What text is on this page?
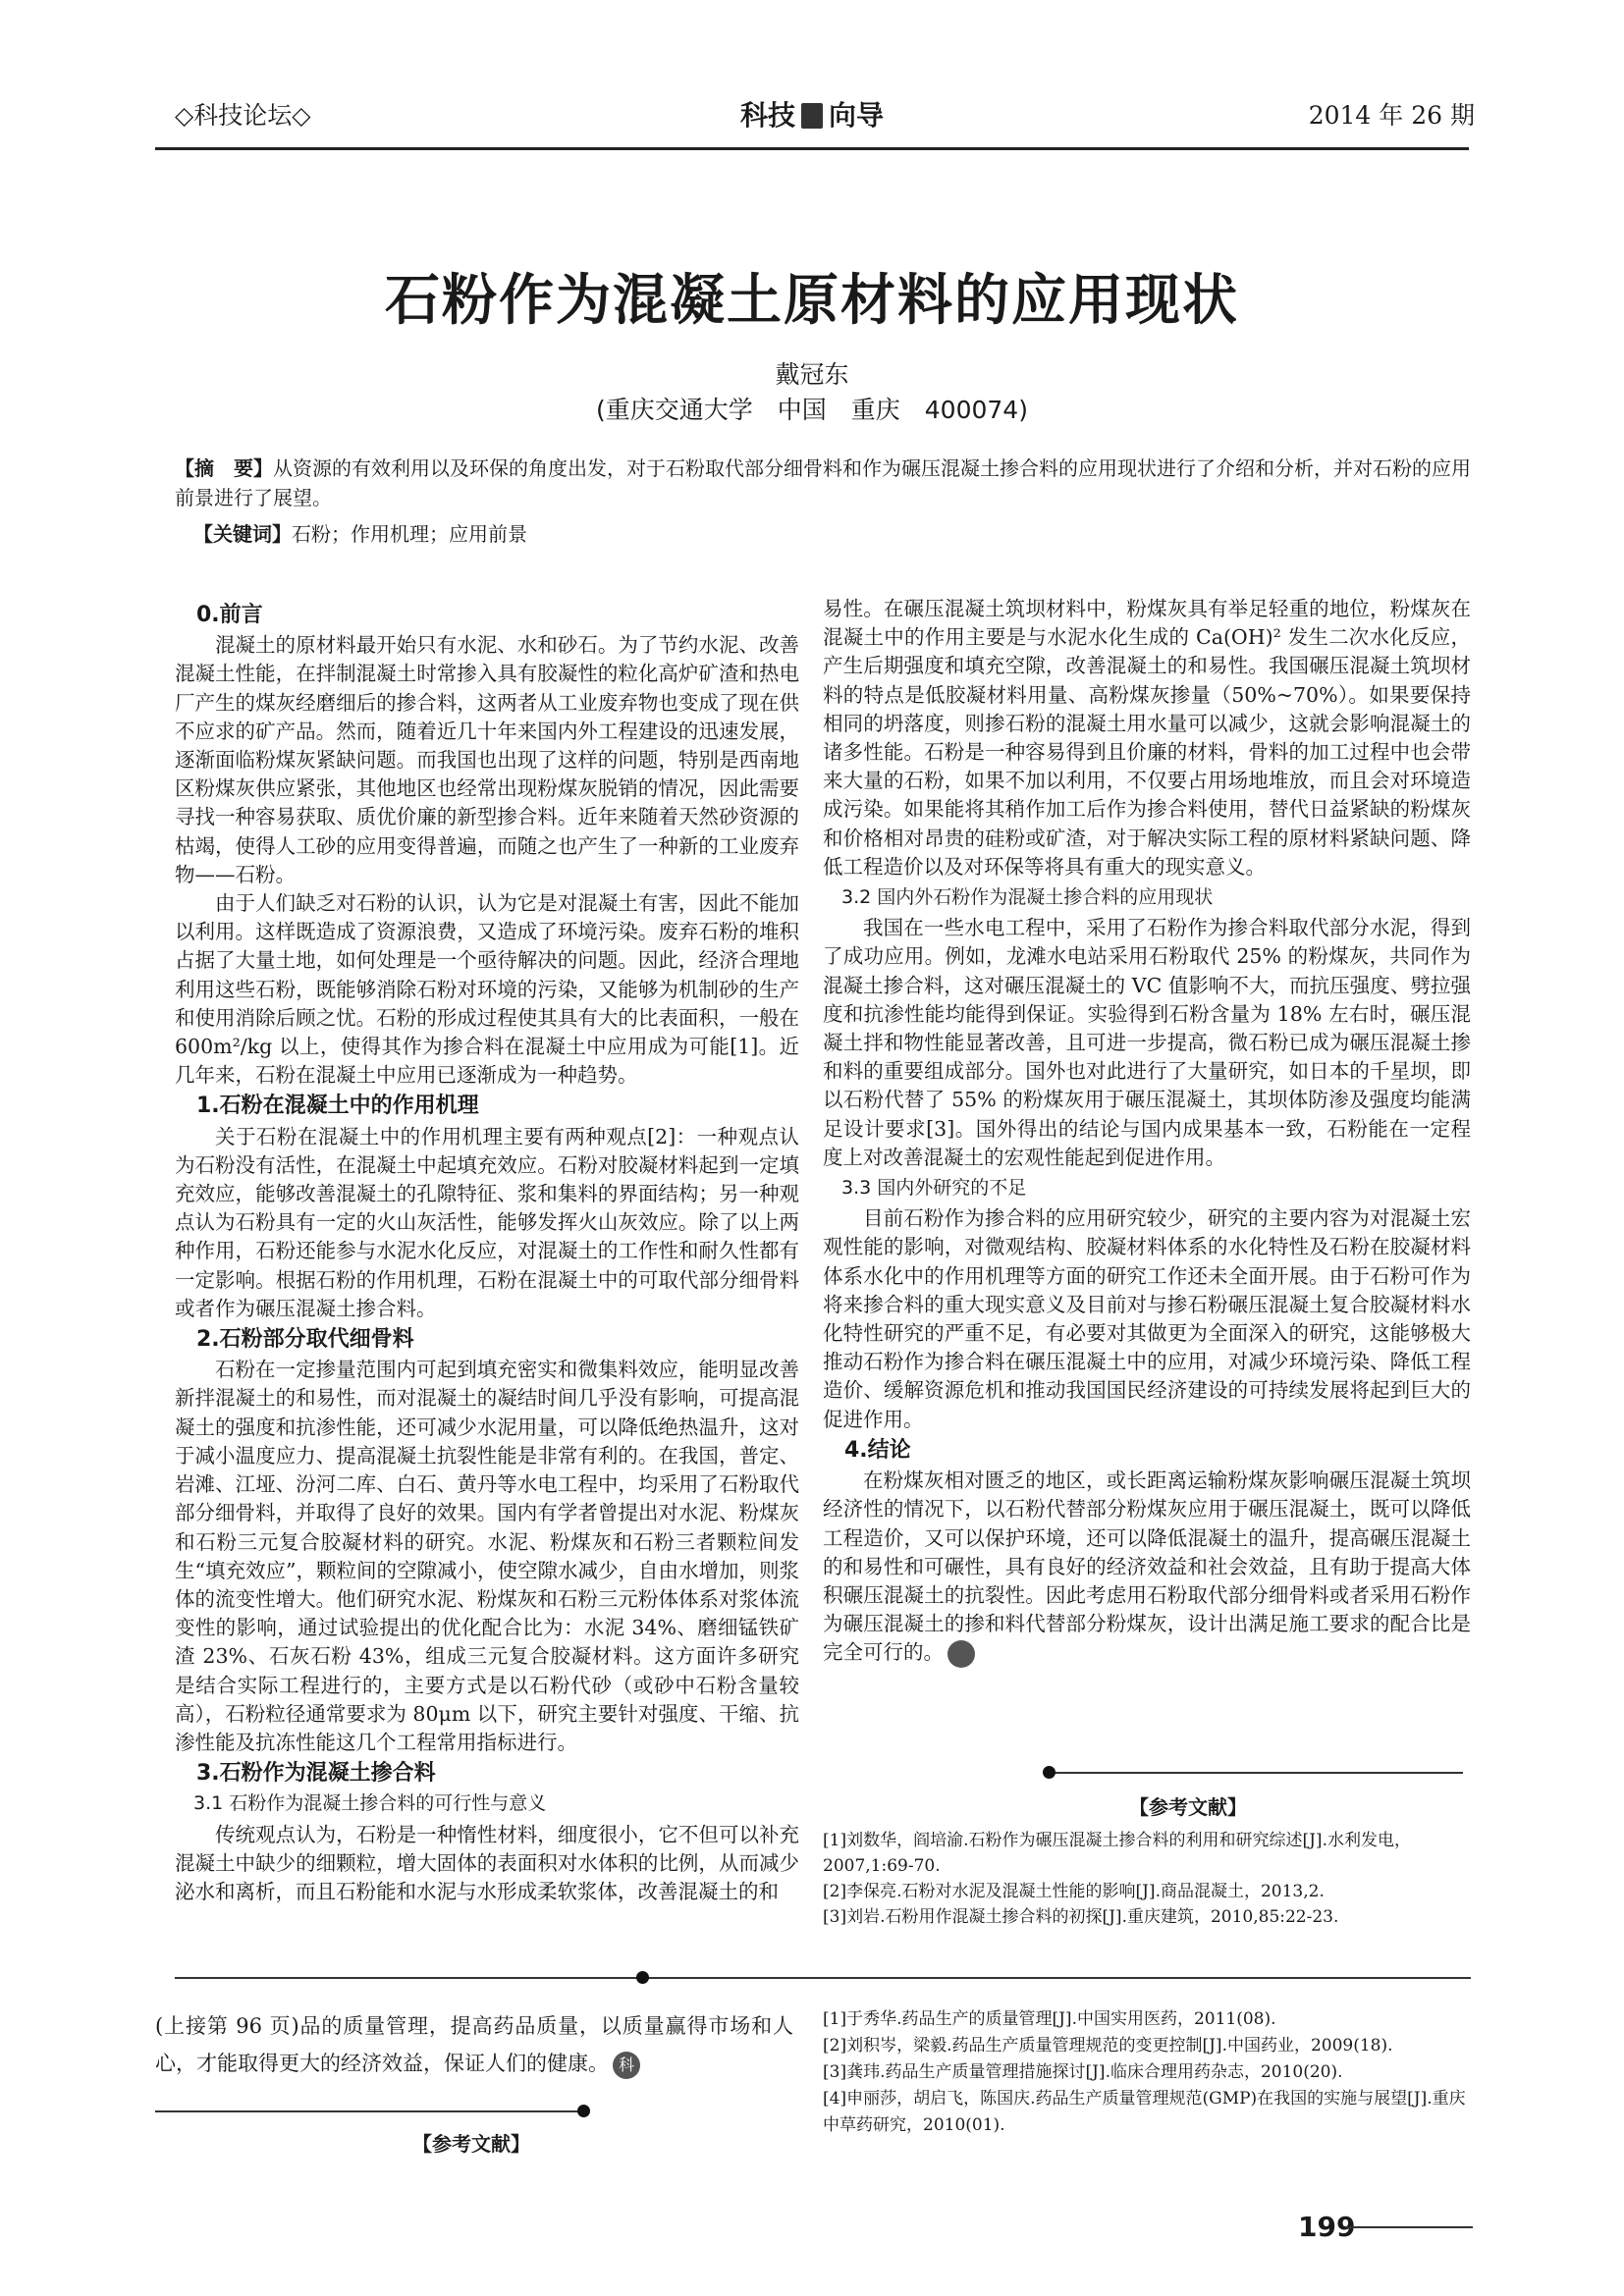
◇科技论坛◇	科技 向导	2014 年 26 期
石粉作为混凝土原材料的应用现状
戴冠东
(重庆交通大学　中国　重庆　400074)
【摘　要】从资源的有效利用以及环保的角度出发，对于石粉取代部分细骨料和作为碾压混凝土掺合料的应用现状进行了介绍和分析，并对石粉的应用前景进行了展望。
【关键词】石粉；作用机理；应用前景
0.前言

混凝土的原材料最开始只有水泥、水和砂石。为了节约水泥、改善混凝土性能，在拌制混凝土时常掺入具有胶凝性的粒化高炉矿渣和热电厂产生的煤灰经磨细后的掺合料，这两者从工业废弃物也变成了现在供不应求的矿产品。然而，随着近几十年来国内外工程建设的迅速发展，逐渐面临粉煤灰紧缺问题。而我国也出现了这样的问题，特别是西南地区粉煤灰供应紧张，其他地区也经常出现粉煤灰脱销的情况，因此需要寻找一种容易获取、质优价廉的新型掺合料。近年来随着天然砂资源的枯竭，使得人工砂的应用变得普遍，而随之也产生了一种新的工业废弃物——石粉。

由于人们缺乏对石粉的认识，认为它是对混凝土有害，因此不能加以利用。这样既造成了资源浪费，又造成了环境污染。废弃石粉的堆积占据了大量土地，如何处理是一个亟待解决的问题。因此，经济合理地利用这些石粉，既能够消除石粉对环境的污染，又能够为机制砂的生产和使用消除后顾之忧。石粉的形成过程使其具有大的比表面积，一般在 600m²/kg 以上，使得其作为掺合料在混凝土中应用成为可能[1]。近几年来，石粉在混凝土中应用已逐渐成为一种趋势。

1.石粉在混凝土中的作用机理

关于石粉在混凝土中的作用机理主要有两种观点[2]：一种观点认为石粉没有活性，在混凝土中起填充效应。石粉对胶凝材料起到一定填充效应，能够改善混凝土的孔隙特征、浆和集料的界面结构；另一种观点认为石粉具有一定的火山灰活性，能够发挥火山灰效应。除了以上两种作用，石粉还能参与水泥水化反应，对混凝土的工作性和耐久性都有一定影响。根据石粉的作用机理，石粉在混凝土中的可取代部分细骨料或者作为碾压混凝土掺合料。

2.石粉部分取代细骨料

石粉在一定掺量范围内可起到填充密实和微集料效应，能明显改善新拌混凝土的和易性，而对混凝土的凝结时间几乎没有影响，可提高混凝土的强度和抗渗性能，还可减少水泥用量，可以降低绝热温升，这对于减小温度应力、提高混凝土抗裂性能是非常有利的。在我国，普定、岩滩、江垭、汾河二库、白石、黄丹等水电工程中，均采用了石粉取代部分细骨料，并取得了良好的效果。国内有学者曾提出对水泥、粉煤灰和石粉三元复合胶凝材料的研究。水泥、粉煤灰和石粉三者颗粒间发生“填充效应”，颗粒间的空隙减小，使空隙水减少，自由水增加，则浆体的流变性增大。他们研究水泥、粉煤灰和石粉三元粉体体系对浆体流变性的影响，通过试验提出的优化配合比为：水泥 34%、磨细锰铁矿渣 23%、石灰石粉 43%，组成三元复合胶凝材料。这方面许多研究是结合实际工程进行的，主要方式是以石粉代砂（或砂中石粉含量较高），石粉粒径通常要求为 80μm 以下，研究主要针对强度、干缩、抗渗性能及抗冻性能这几个工程常用指标进行。

3.石粉作为混凝土掺合料
3.1 石粉作为混凝土掺合料的可行性与意义

传统观点认为，石粉是一种惰性材料，细度很小，它不但可以补充混凝土中缺少的细颗粒，增大固体的表面积对水体积的比例，从而减少泌水和离析，而且石粉能和水泥与水形成柔软浆体，改善混凝土的和

易性。在碾压混凝土筑坝材料中，粉煤灰具有举足轻重的地位，粉煤灰在混凝土中的作用主要是与水泥水化生成的 Ca(OH)² 发生二次水化反应，产生后期强度和填充空隙，改善混凝土的和易性。我国碾压混凝土筑坝材料的特点是低胶凝材料用量、高粉煤灰掺量（50%~70%）。如果要保持相同的坍落度，则掺石粉的混凝土用水量可以减少，这就会影响混凝土的诸多性能。石粉是一种容易得到且价廉的材料，骨料的加工过程中也会带来大量的石粉，如果不加以利用，不仅要占用场地堆放，而且会对环境造成污染。如果能将其稍作加工后作为掺合料使用，替代日益紧缺的粉煤灰和价格相对昂贵的硅粉或矿渣，对于解决实际工程的原材料紧缺问题、降低工程造价以及对环保等将具有重大的现实意义。

3.2 国内外石粉作为混凝土掺合料的应用现状

我国在一些水电工程中，采用了石粉作为掺合料取代部分水泥，得到了成功应用。例如，龙滩水电站采用石粉取代 25% 的粉煤灰，共同作为混凝土掺合料，这对碾压混凝土的 VC 值影响不大，而抗压强度、劈拉强度和抗渗性能均能得到保证。实验得到石粉含量为 18% 左右时，碾压混凝土拌和物性能显著改善，且可进一步提高，微石粉已成为碾压混凝土掺和料的重要组成部分。国外也对此进行了大量研究，如日本的千星坝，即以石粉代替了 55% 的粉煤灰用于碾压混凝土，其坝体防渗及强度均能满足设计要求[3]。国外得出的结论与国内成果基本一致，石粉能在一定程度上对改善混凝土的宏观性能起到促进作用。

3.3 国内外研究的不足

目前石粉作为掺合料的应用研究较少，研究的主要内容为对混凝土宏观性能的影响，对微观结构、胶凝材料体系的水化特性及石粉在胶凝材料体系水化中的作用机理等方面的研究工作还未全面开展。由于石粉可作为将来掺合料的重大现实意义及目前对与掺石粉碾压混凝土复合胶凝材料水化特性研究的严重不足，有必要对其做更为全面深入的研究，这能够极大推动石粉作为掺合料在碾压混凝土中的应用，对减少环境污染、降低工程造价、缓解资源危机和推动我国国民经济建设的可持续发展将起到巨大的促进作用。

4.结论

在粉煤灰相对匮乏的地区，或长距离运输粉煤灰影响碾压混凝土筑坝经济性的情况下，以石粉代替部分粉煤灰应用于碾压混凝土，既可以降低工程造价，又可以保护环境，还可以降低混凝土的温升，提高碾压混凝土的和易性和可碾性，具有良好的经济效益和社会效益，且有助于提高大体积碾压混凝土的抗裂性。因此考虑用石粉取代部分细骨料或者采用石粉作为碾压混凝土的掺和料代替部分粉煤灰，设计出满足施工要求的配合比是完全可行的。	科

【参考文献】
[1]刘数华，阎培渝.石粉作为碾压混凝土掺合料的利用和研究综述[J].水利发电，2007,1:69-70.
[2]李保亮.石粉对水泥及混凝土性能的影响[J].商品混凝土，2013,2.
[3]刘岩.石粉用作混凝土掺合料的初探[J].重庆建筑，2010,85:22-23.
(上接第 96 页)品的质量管理，提高药品质量，以质量赢得市场和人心，才能取得更大的经济效益，保证人们的健康。 科
【参考文献】
[1]于秀华.药品生产的质量管理[J].中国实用医药，2011(08).
[2]刘积岑，梁毅.药品生产质量管理规范的变更控制[J].中国药业，2009(18).
[3]龚玮.药品生产质量管理措施探讨[J].临床合理用药杂志，2010(20).
[4]申丽莎，胡启飞，陈国庆.药品生产质量管理规范(GMP)在我国的实施与展望[J].重庆中草药研究，2010(01).
199
